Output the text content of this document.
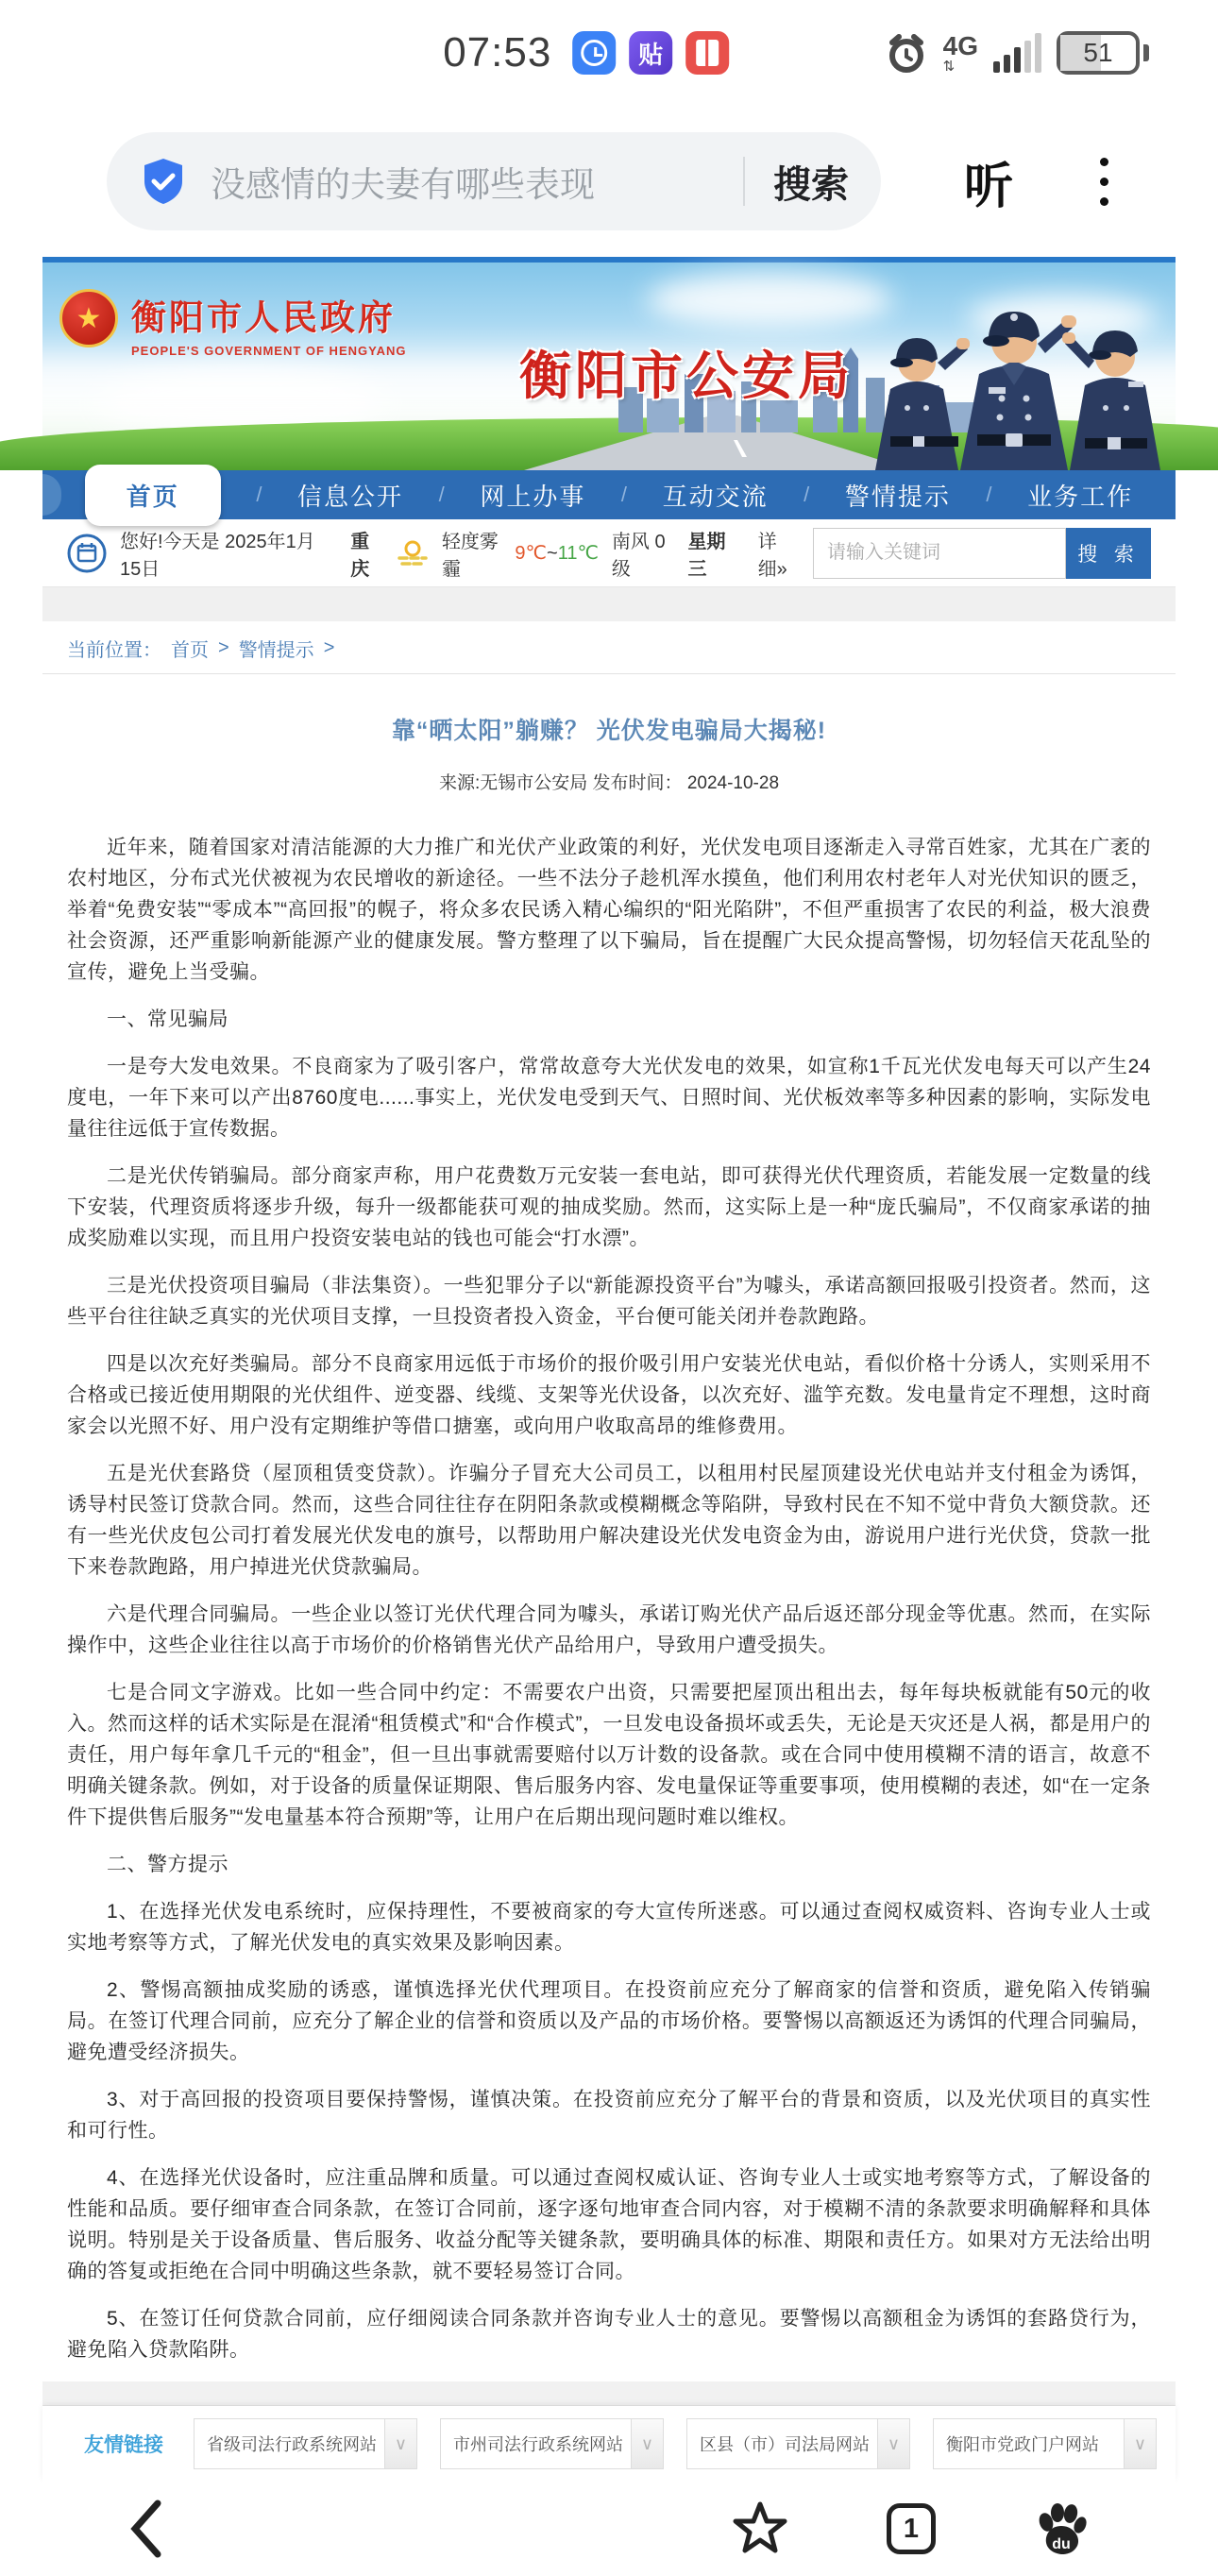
07:53	贴	4G
⇅	51
没感情的夫妻有哪些表现	搜索 听
★ 衡阳市人民政府
PEOPLE'S GOVERNMENT OF HENGYANG 衡阳市公安局
首页	/ 信息公开 / 网上办事 / 互动交流 / 警情提示 / 业务工作
您好!今天是 2025年1月15日
重庆
轻度雾霾
9℃~11℃
南风 0级
星期三
详细»
请输入关键词
搜 索
当前位置： 首页 > 警情提示 >
靠“晒太阳”躺赚？ 光伏发电骗局大揭秘!
来源:无锡市公安局 发布时间： 2024-10-28

近年来，随着国家对清洁能源的大力推广和光伏产业政策的利好，光伏发电项目逐渐走入寻常百姓家，尤其在广袤的农村地区，分布式光伏被视为农民增收的新途径。一些不法分子趁机浑水摸鱼，他们利用农村老年人对光伏知识的匮乏，举着“免费安装”“零成本”“高回报”的幌子，将众多农民诱入精心编织的“阳光陷阱”，不但严重损害了农民的利益，极大浪费社会资源，还严重影响新能源产业的健康发展。警方整理了以下骗局，旨在提醒广大民众提高警惕，切勿轻信天花乱坠的宣传，避免上当受骗。

一、常见骗局

一是夸大发电效果。不良商家为了吸引客户，常常故意夸大光伏发电的效果，如宣称1千瓦光伏发电每天可以产生24度电，一年下来可以产出8760度电......事实上，光伏发电受到天气、日照时间、光伏板效率等多种因素的影响，实际发电量往往远低于宣传数据。

二是光伏传销骗局。部分商家声称，用户花费数万元安装一套电站，即可获得光伏代理资质，若能发展一定数量的线下安装，代理资质将逐步升级，每升一级都能获可观的抽成奖励。然而，这实际上是一种“庞氏骗局”，不仅商家承诺的抽成奖励难以实现，而且用户投资安装电站的钱也可能会“打水漂”。

三是光伏投资项目骗局（非法集资）。一些犯罪分子以“新能源投资平台”为噱头，承诺高额回报吸引投资者。然而，这些平台往往缺乏真实的光伏项目支撑，一旦投资者投入资金，平台便可能关闭并卷款跑路。

四是以次充好类骗局。部分不良商家用远低于市场价的报价吸引用户安装光伏电站，看似价格十分诱人，实则采用不合格或已接近使用期限的光伏组件、逆变器、线缆、支架等光伏设备，以次充好、滥竽充数。发电量肯定不理想，这时商家会以光照不好、用户没有定期维护等借口搪塞，或向用户收取高昂的维修费用。

五是光伏套路贷（屋顶租赁变贷款）。诈骗分子冒充大公司员工，以租用村民屋顶建设光伏电站并支付租金为诱饵，诱导村民签订贷款合同。然而，这些合同往往存在阴阳条款或模糊概念等陷阱，导致村民在不知不觉中背负大额贷款。还有一些光伏皮包公司打着发展光伏发电的旗号，以帮助用户解决建设光伏发电资金为由，游说用户进行光伏贷，贷款一批下来卷款跑路，用户掉进光伏贷款骗局。

六是代理合同骗局。一些企业以签订光伏代理合同为噱头，承诺订购光伏产品后返还部分现金等优惠。然而，在实际操作中，这些企业往往以高于市场价的价格销售光伏产品给用户，导致用户遭受损失。

七是合同文字游戏。比如一些合同中约定：不需要农户出资，只需要把屋顶出租出去，每年每块板就能有50元的收入。然而这样的话术实际是在混淆“租赁模式”和“合作模式”，一旦发电设备损坏或丢失，无论是天灾还是人祸，都是用户的责任，用户每年拿几千元的“租金”，但一旦出事就需要赔付以万计数的设备款。或在合同中使用模糊不清的语言，故意不明确关键条款。例如，对于设备的质量保证期限、售后服务内容、发电量保证等重要事项，使用模糊的表述，如“在一定条件下提供售后服务”“发电量基本符合预期”等，让用户在后期出现问题时难以维权。

二、警方提示

1、在选择光伏发电系统时，应保持理性，不要被商家的夸大宣传所迷惑。可以通过查阅权威资料、咨询专业人士或实地考察等方式，了解光伏发电的真实效果及影响因素。

2、警惕高额抽成奖励的诱惑，谨慎选择光伏代理项目。在投资前应充分了解商家的信誉和资质，避免陷入传销骗局。在签订代理合同前，应充分了解企业的信誉和资质以及产品的市场价格。要警惕以高额返还为诱饵的代理合同骗局，避免遭受经济损失。

3、对于高回报的投资项目要保持警惕，谨慎决策。在投资前应充分了解平台的背景和资质，以及光伏项目的真实性和可行性。

4、在选择光伏设备时，应注重品牌和质量。可以通过查阅权威认证、咨询专业人士或实地考察等方式，了解设备的性能和品质。要仔细审查合同条款，在签订合同前，逐字逐句地审查合同内容，对于模糊不清的条款要求明确解释和具体说明。特别是关于设备质量、售后服务、收益分配等关键条款，要明确具体的标准、期限和责任方。如果对方无法给出明确的答复或拒绝在合同中明确这些条款，就不要轻易签订合同。

5、在签订任何贷款合同前，应仔细阅读合同条款并咨询专业人士的意见。要警惕以高额租金为诱饵的套路贷行为，避免陷入贷款陷阱。

友情链接	省级司法行政系统网站	∨	市州司法行政系统网站	∨	区县（市）司法局网站	∨	衡阳市党政门户网站	∨
1
du
